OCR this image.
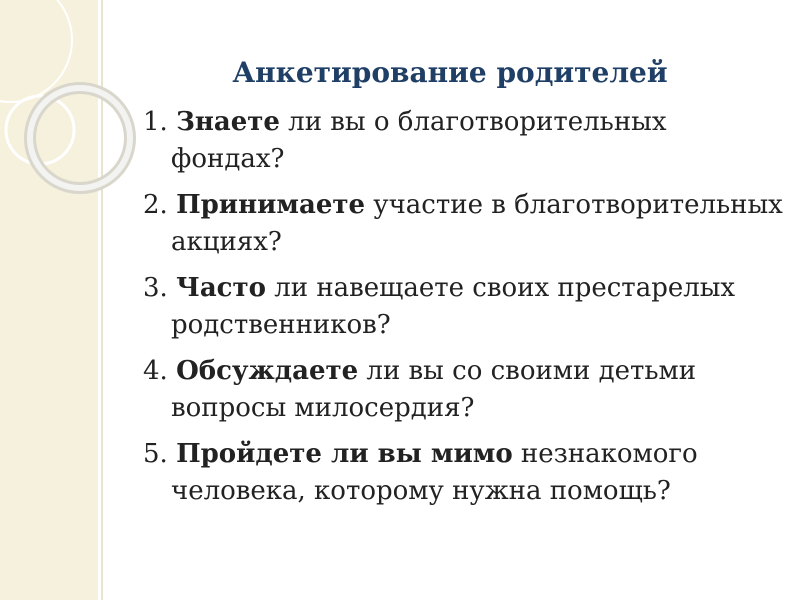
Анкетирование родителей
1. Знаете ли вы о благотворительных фондах?
2. Принимаете участие в благотворительных акциях?
3. Часто ли навещаете своих престарелых родственников?
4. Обсуждаете ли вы со своими детьми вопросы милосердия?
5. Пройдете ли вы мимо незнакомого человека, которому нужна помощь?
